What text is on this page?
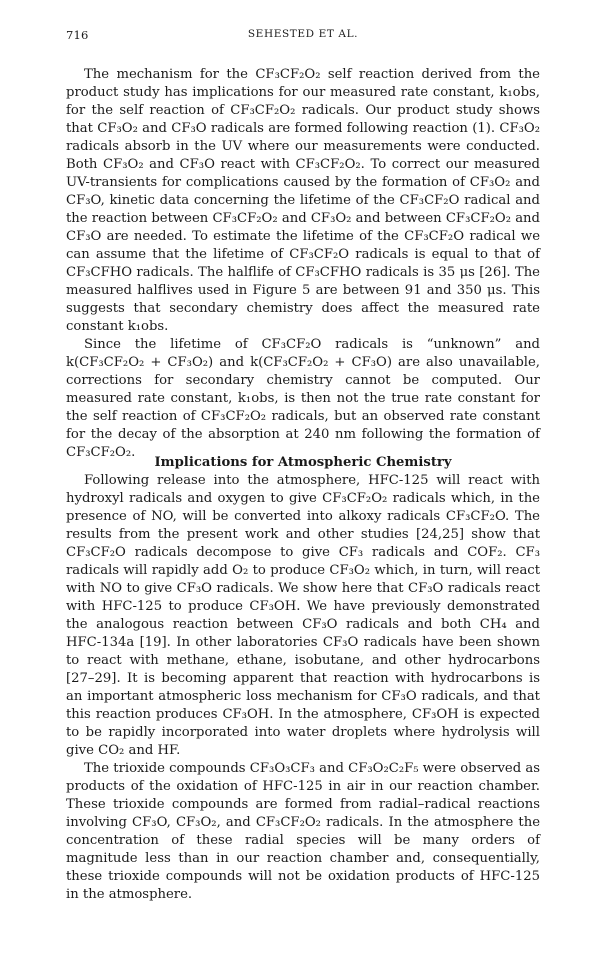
716	SEHESTED ET AL.

The mechanism for the CF₃CF₂O₂ self reaction derived from the product study has implications for our measured rate constant, k₁obs, for the self reaction of CF₃CF₂O₂ radicals. Our product study shows that CF₃O₂ and CF₃O radicals are formed following reaction (1). CF₃O₂ radicals absorb in the UV where our measurements were conducted. Both CF₃O₂ and CF₃O react with CF₃CF₂O₂. To correct our measured UV-transients for complications caused by the formation of CF₃O₂ and CF₃O, kinetic data concerning the lifetime of the CF₃CF₂O radical and the reaction between CF₃CF₂O₂ and CF₃O₂ and between CF₃CF₂O₂ and CF₃O are needed. To estimate the lifetime of the CF₃CF₂O radical we can assume that the lifetime of CF₃CF₂O radicals is equal to that of CF₃CFHO radicals. The halflife of CF₃CFHO radicals is 35 μs [26]. The measured halflives used in Figure 5 are between 91 and 350 μs. This suggests that secondary chemistry does affect the measured rate constant k₁obs.

Since the lifetime of CF₃CF₂O radicals is “unknown” and k(CF₃CF₂O₂ + CF₃O₂) and k(CF₃CF₂O₂ + CF₃O) are also unavailable, corrections for secondary chemistry cannot be computed. Our measured rate constant, k₁obs, is then not the true rate constant for the self reaction of CF₃CF₂O₂ radicals, but an observed rate constant for the decay of the absorption at 240 nm following the formation of CF₃CF₂O₂.

Implications for Atmospheric Chemistry

Following release into the atmosphere, HFC-125 will react with hydroxyl radicals and oxygen to give CF₃CF₂O₂ radicals which, in the presence of NO, will be converted into alkoxy radicals CF₃CF₂O. The results from the present work and other studies [24,25] show that CF₃CF₂O radicals decompose to give CF₃ radicals and COF₂. CF₃ radicals will rapidly add O₂ to produce CF₃O₂ which, in turn, will react with NO to give CF₃O radicals. We show here that CF₃O radicals react with HFC-125 to produce CF₃OH. We have previously demonstrated the analogous reaction between CF₃O radicals and both CH₄ and HFC-134a [19]. In other laboratories CF₃O radicals have been shown to react with methane, ethane, isobutane, and other hydrocarbons [27–29]. It is becoming apparent that reaction with hydrocarbons is an important atmospheric loss mechanism for CF₃O radicals, and that this reaction produces CF₃OH. In the atmosphere, CF₃OH is expected to be rapidly incorporated into water droplets where hydrolysis will give CO₂ and HF.

The trioxide compounds CF₃O₃CF₃ and CF₃O₂C₂F₅ were observed as products of the oxidation of HFC-125 in air in our reaction chamber. These trioxide compounds are formed from radial–radical reactions involving CF₃O, CF₃O₂, and CF₃CF₂O₂ radicals. In the atmosphere the concentration of these radial species will be many orders of magnitude less than in our reaction chamber and, consequentially, these trioxide compounds will not be oxidation products of HFC-125 in the atmosphere.
